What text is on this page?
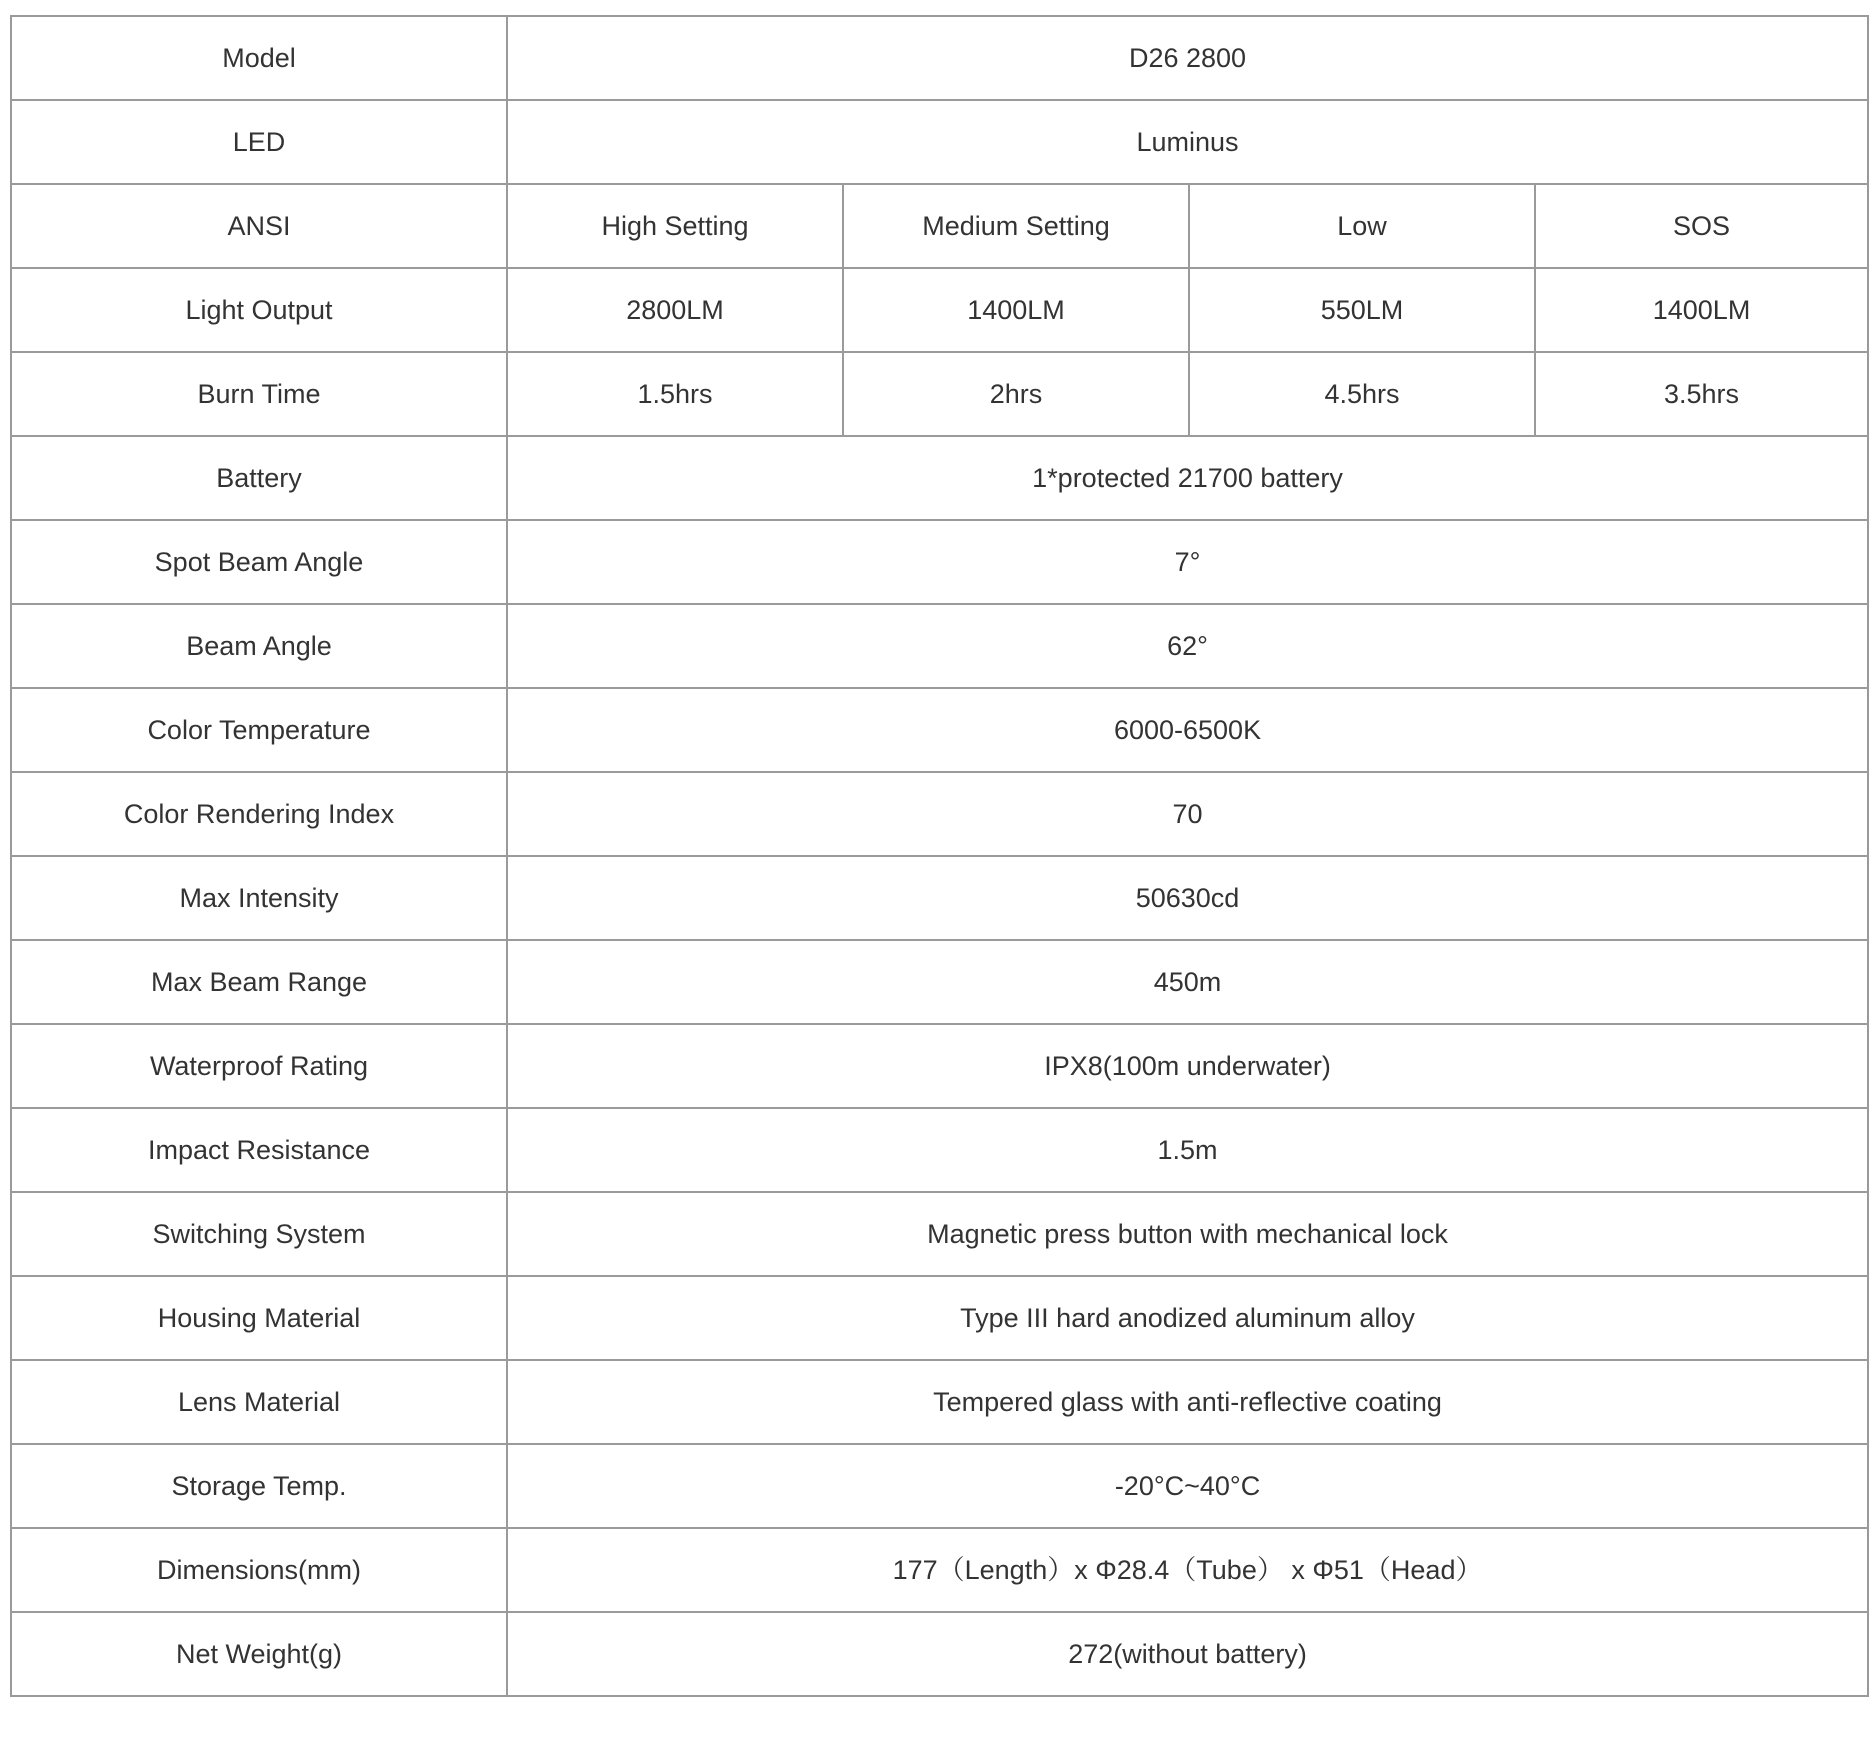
Model	D26 2800			
LED	Luminus			
ANSI	High Setting	Medium Setting	Low	SOS
Light Output	2800LM	1400LM	550LM	1400LM
Burn Time	1.5hrs	2hrs	4.5hrs	3.5hrs
Battery	1*protected 21700 battery			
Spot Beam Angle	7°			
Beam Angle	62°			
Color Temperature	6000-6500K			
Color Rendering Index	70			
Max Intensity	50630cd			
Max Beam Range	450m			
Waterproof Rating	IPX8(100m underwater)			
Impact Resistance	1.5m			
Switching System	Magnetic press button with mechanical lock			
Housing Material	Type III hard anodized aluminum alloy			
Lens Material	Tempered glass with anti-reflective coating			
Storage Temp.	-20°C~40°C			
Dimensions(mm)	177（Length）x Φ28.4（Tube） x Φ51（Head）			
Net Weight(g)	272(without battery)			
